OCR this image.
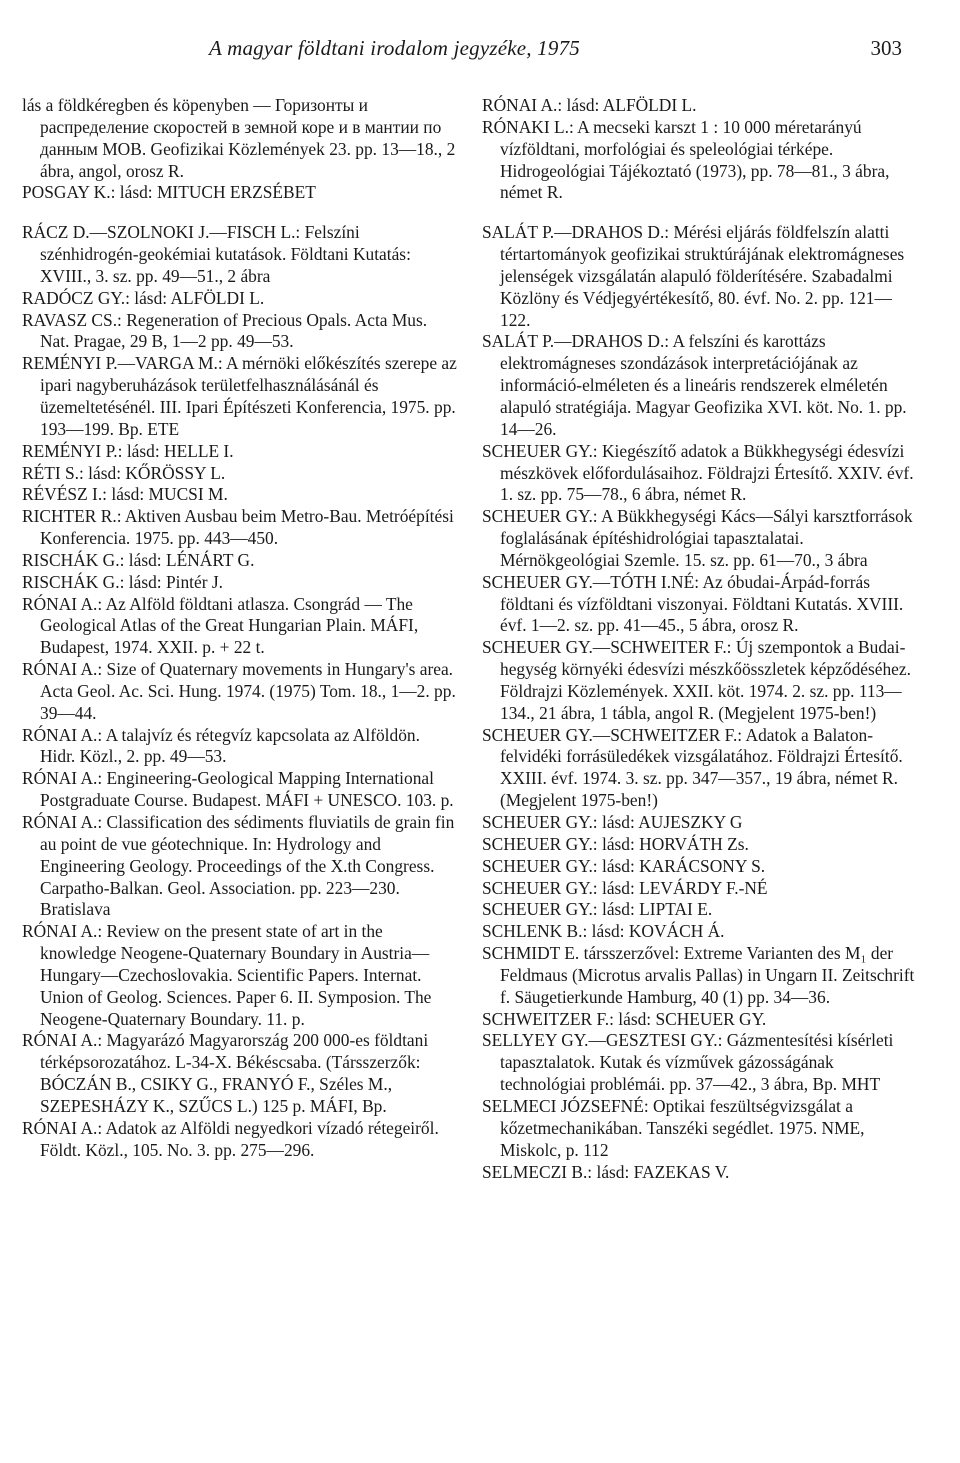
A magyar földtani irodalom jegyzéke, 1975	303

lás a földkéregben és köpenyben — Горизонты и распределение скоростей в земной коре и в мантии по данным MOB. Geofizikai Közlemények 23. pp. 13—18., 2 ábra, angol, orosz R.

POSGAY K.: lásd: MITUCH ERZSÉBET

RÁCZ D.—SZOLNOKI J.—FISCH L.: Felszíni szénhidrogén-geokémiai kutatások. Földtani Kutatás: XVIII., 3. sz. pp. 49—51., 2 ábra

RADÓCZ GY.: lásd: ALFÖLDI L.

RAVASZ CS.: Regeneration of Precious Opals. Acta Mus. Nat. Pragae, 29 B, 1—2 pp. 49—53.

REMÉNYI P.—VARGA M.: A mérnöki előkészítés szerepe az ipari nagyberuházások területfelhasználásánál és üzemeltetésénél. III. Ipari Építészeti Konferencia, 1975. pp. 193—199. Bp. ETE

REMÉNYI P.: lásd: HELLE I.

RÉTI S.: lásd: KŐRÖSSY L.

RÉVÉSZ I.: lásd: MUCSI M.

RICHTER R.: Aktiven Ausbau beim Metro-Bau. Metróépítési Konferencia. 1975. pp. 443—450.

RISCHÁK G.: lásd: LÉNÁRT G.

RISCHÁK G.: lásd: Pintér J.

RÓNAI A.: Az Alföld földtani atlasza. Csongrád — The Geological Atlas of the Great Hungarian Plain. MÁFI, Budapest, 1974. XXII. p. + 22 t.

RÓNAI A.: Size of Quaternary movements in Hungary's area. Acta Geol. Ac. Sci. Hung. 1974. (1975) Tom. 18., 1—2. pp. 39—44.

RÓNAI A.: A talajvíz és rétegvíz kapcsolata az Alföldön. Hidr. Közl., 2. pp. 49—53.

RÓNAI A.: Engineering-Geological Mapping International Postgraduate Course. Budapest. MÁFI + UNESCO. 103. p.

RÓNAI A.: Classification des sédiments fluviatils de grain fin au point de vue géotechnique. In: Hydrology and Engineering Geology. Proceedings of the X.th Congress. Carpatho-Balkan. Geol. Association. pp. 223—230. Bratislava

RÓNAI A.: Review on the present state of art in the knowledge Neogene-Quaternary Boundary in Austria—Hungary—Czechoslovakia. Scientific Papers. Internat. Union of Geolog. Sciences. Paper 6. II. Symposion. The Neogene-Quaternary Boundary. 11. p.

RÓNAI A.: Magyarázó Magyarország 200 000-es földtani térképsorozatához. L-34-X. Békéscsaba. (Társszerzők: BÓCZÁN B., CSIKY G., FRANYÓ F., Széles M., SZEPESHÁZY K., SZŰCS L.) 125 p. MÁFI, Bp.

RÓNAI A.: Adatok az Alföldi negyedkori vízadó rétegeiről. Földt. Közl., 105. No. 3. pp. 275—296.

RÓNAI A.: lásd: ALFÖLDI L.

RÓNAKI L.: A mecseki karszt 1 : 10 000 méretarányú vízföldtani, morfológiai és speleológiai térképe. Hidrogeológiai Tájékoztató (1973), pp. 78—81., 3 ábra, német R.

SALÁT P.—DRAHOS D.: Mérési eljárás földfelszín alatti tértartományok geofizikai struktúrájának elektromágneses jelenségek vizsgálatán alapuló földerítésére. Szabadalmi Közlöny és Védjegyértékesítő, 80. évf. No. 2. pp. 121—122.

SALÁT P.—DRAHOS D.: A felszíni és karottázs elektromágneses szondázások interpretációjának az információ-elméleten és a lineáris rendszerek elméletén alapuló stratégiája. Magyar Geofizika XVI. köt. No. 1. pp. 14—26.

SCHEUER GY.: Kiegészítő adatok a Bükkhegységi édesvízi mészkövek előfordulásaihoz. Földrajzi Értesítő. XXIV. évf. 1. sz. pp. 75—78., 6 ábra, német R.

SCHEUER GY.: A Bükkhegységi Kács—Sályi karsztforrások foglalásának építéshidrológiai tapasztalatai. Mérnökgeológiai Szemle. 15. sz. pp. 61—70., 3 ábra

SCHEUER GY.—TÓTH I.NÉ: Az óbudai-Árpád-forrás földtani és vízföldtani viszonyai. Földtani Kutatás. XVIII. évf. 1—2. sz. pp. 41—45., 5 ábra, orosz R.

SCHEUER GY.—SCHWEITER F.: Új szempontok a Budai-hegység környéki édesvízi mészkőösszletek képződéséhez. Földrajzi Közlemények. XXII. köt. 1974. 2. sz. pp. 113—134., 21 ábra, 1 tábla, angol R. (Megjelent 1975-ben!)

SCHEUER GY.—SCHWEITZER F.: Adatok a Balaton-felvidéki forrásüledékek vizsgálatához. Földrajzi Értesítő. XXIII. évf. 1974. 3. sz. pp. 347—357., 19 ábra, német R. (Megjelent 1975-ben!)

SCHEUER GY.: lásd: AUJESZKY G

SCHEUER GY.: lásd: HORVÁTH Zs.

SCHEUER GY.: lásd: KARÁCSONY S.

SCHEUER GY.: lásd: LEVÁRDY F.-NÉ

SCHEUER GY.: lásd: LIPTAI E.

SCHLENK B.: lásd: KOVÁCH Á.

SCHMIDT E. társszerzővel: Extreme Varianten des M₁ der Feldmaus (Microtus arvalis Pallas) in Ungarn II. Zeitschrift f. Säugetierkunde Hamburg, 40 (1) pp. 34—36.

SCHWEITZER F.: lásd: SCHEUER GY.

SELLYEY GY.—GESZTESI GY.: Gázmentesítési kísérleti tapasztalatok. Kutak és vízművek gázosságának technológiai problémái. pp. 37—42., 3 ábra, Bp. MHT

SELMECI JÓZSEFNÉ: Optikai feszültségvizsgálat a kőzetmechanikában. Tanszéki segédlet. 1975. NME, Miskolc, p. 112

SELMECZI B.: lásd: FAZEKAS V.
